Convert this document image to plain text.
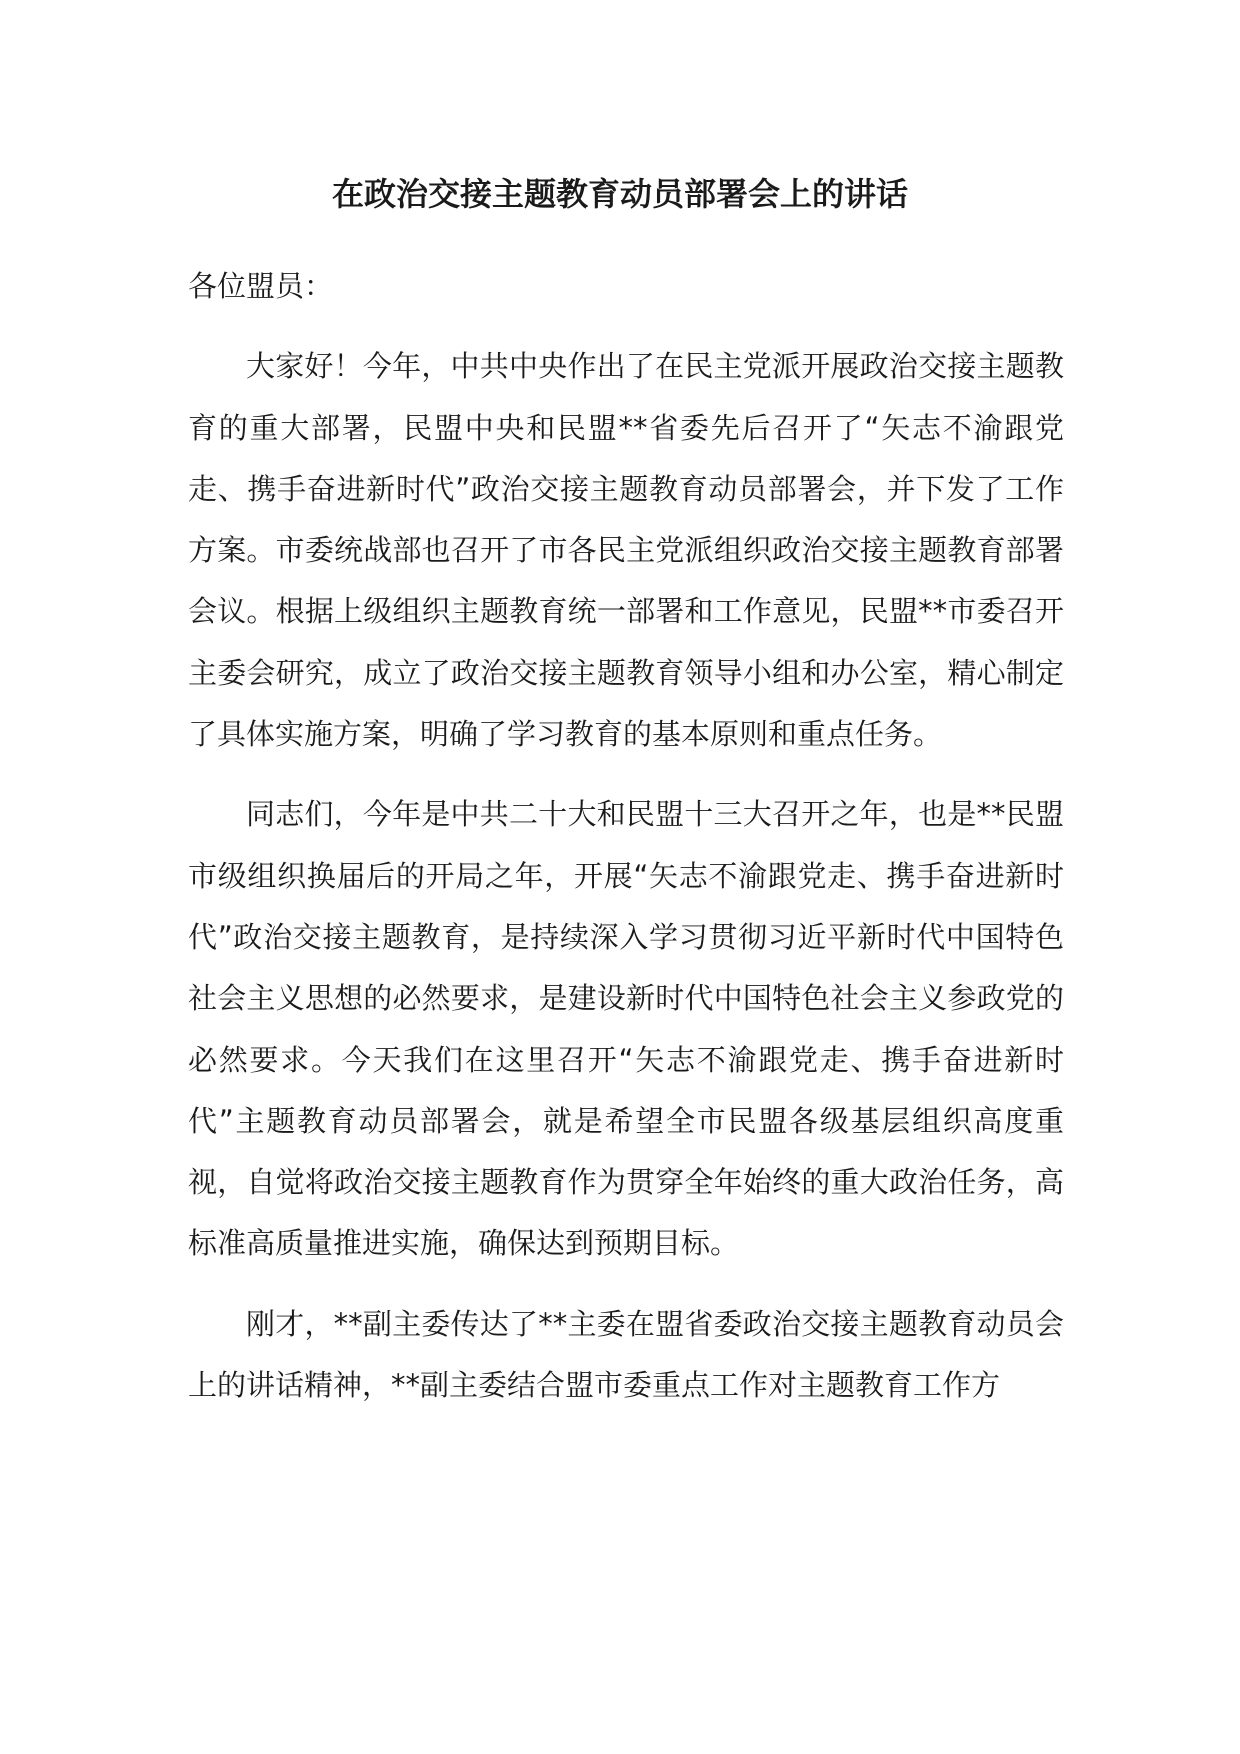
在政治交接主题教育动员部署会上的讲话

各位盟员：

大家好！今年，中共中央作出了在民主党派开展政治交接主题教育的重大部署，民盟中央和民盟**省委先后召开了“矢志不渝跟党走、携手奋进新时代”政治交接主题教育动员部署会，并下发了工作方案。市委统战部也召开了市各民主党派组织政治交接主题教育部署会议。根据上级组织主题教育统一部署和工作意见，民盟**市委召开主委会研究，成立了政治交接主题教育领导小组和办公室，精心制定了具体实施方案，明确了学习教育的基本原则和重点任务。

同志们，今年是中共二十大和民盟十三大召开之年，也是**民盟市级组织换届后的开局之年，开展“矢志不渝跟党走、携手奋进新时代”政治交接主题教育，是持续深入学习贯彻习近平新时代中国特色社会主义思想的必然要求，是建设新时代中国特色社会主义参政党的必然要求。今天我们在这里召开“矢志不渝跟党走、携手奋进新时代”主题教育动员部署会，就是希望全市民盟各级基层组织高度重视，自觉将政治交接主题教育作为贯穿全年始终的重大政治任务，高标准高质量推进实施，确保达到预期目标。

刚才，**副主委传达了**主委在盟省委政治交接主题教育动员会上的讲话精神，**副主委结合盟市委重点工作对主题教育工作方
